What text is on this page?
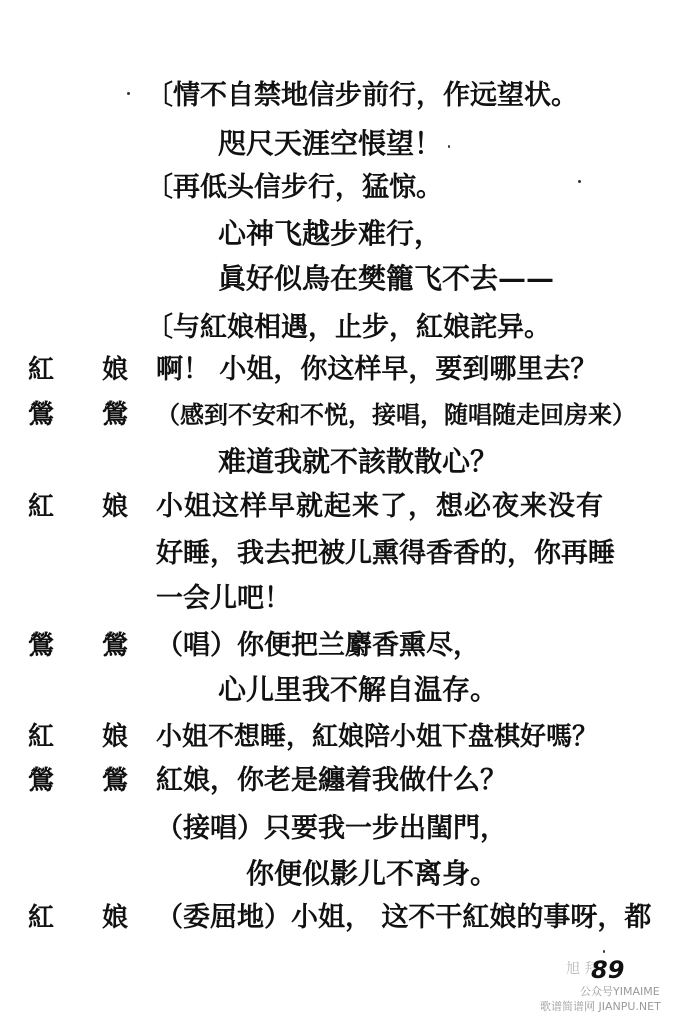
〔情不自禁地信步前行，作远望状。
咫尺天涯空悵望！
〔再低头信步行，猛惊。
心神飞越步难行，
眞好似鳥在樊籠飞不去——
〔与紅娘相遇，止步，紅娘詫异。
紅 娘 啊！ 小姐，你这样早，要到哪里去？
鶯 鶯 （感到不安和不悦，接唱，随唱随走回房来）
难道我就不該散散心？
紅 娘 小姐这样早就起来了，想必夜来没有
好睡，我去把被儿熏得香香的，你再睡
一会儿吧！
鶯 鶯 （唱）你便把兰麝香熏尽，
心儿里我不解自温存。
紅 娘 小姐不想睡，紅娘陪小姐下盘棋好嗎？
鶯 鶯 紅娘，你老是纏着我做什么？
（接唱）只要我一步出閨門，
你便似影儿不离身。
紅 娘 （委屈地）小姐， 这不干紅娘的事呀，都
旭 拜
89
公众号YIMAIME
歌谱简谱网 JIANPU.NET
